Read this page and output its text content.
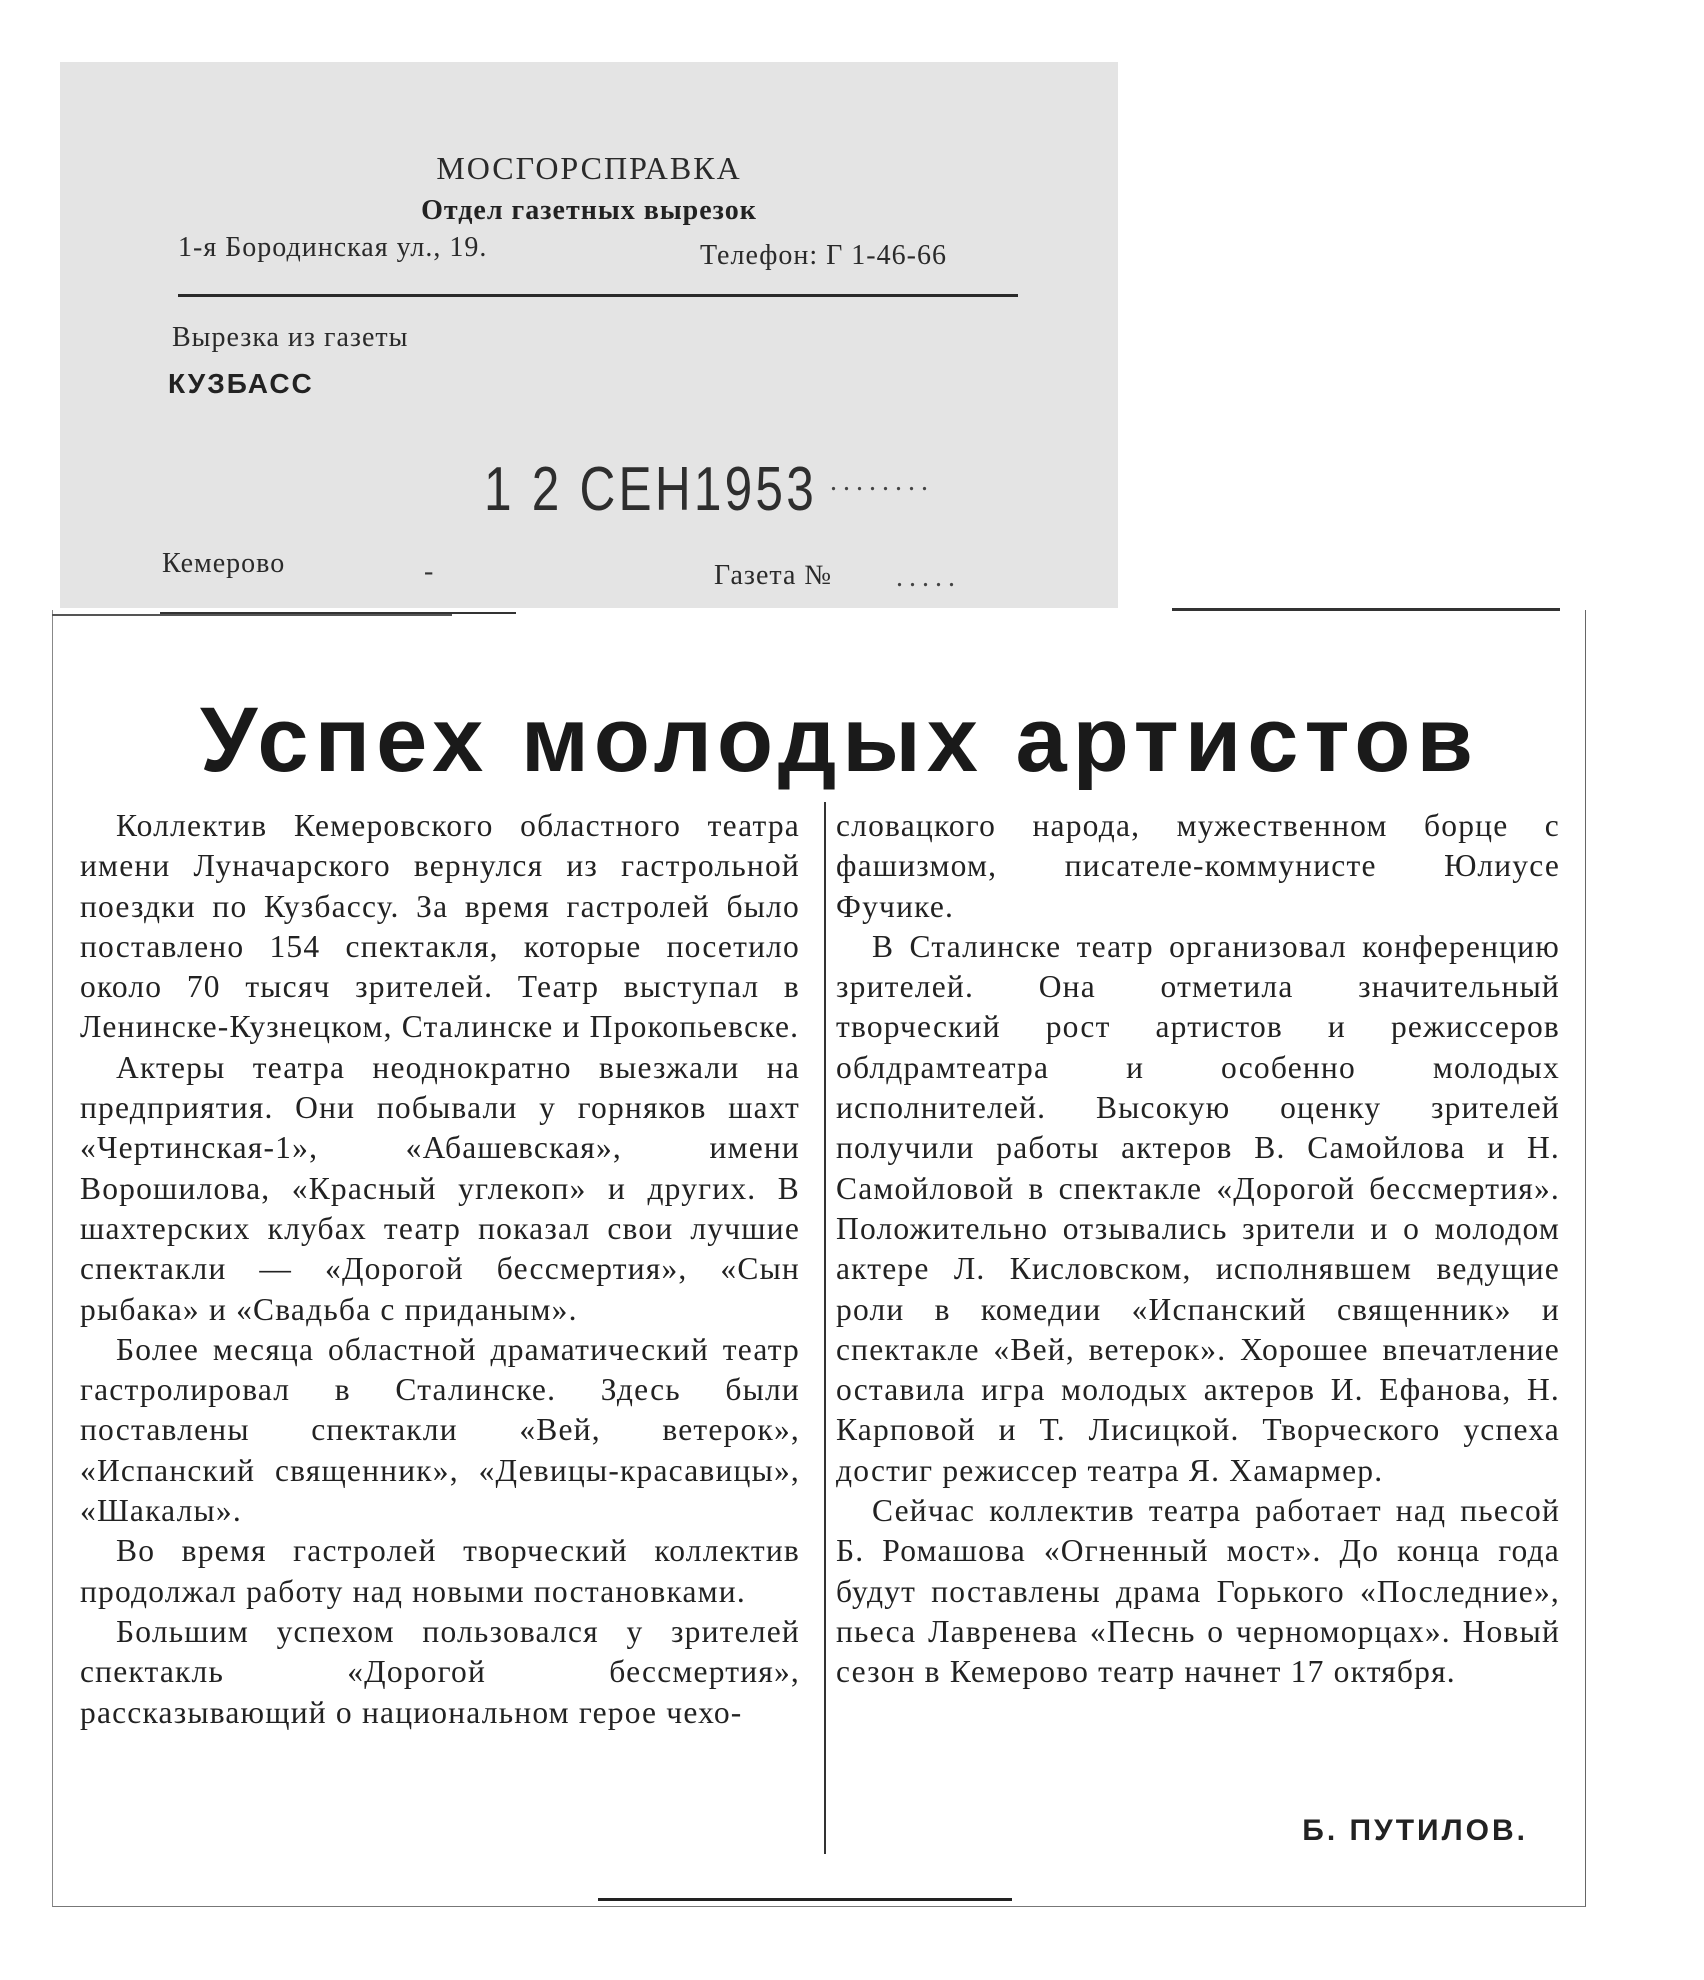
МОСГОРСПРАВКА
Отдел газетных вырезок
1-я Бородинская ул., 19.	Телефон: Г 1-46-66
Вырезка из газеты
КУЗБАСС
1 2 СЕН1953 ........
Кемерово	-	Газета № .....
Успех молодых артистов

Коллектив Кемеровского областного театра имени Луначарского вернулся из гастрольной поездки по Кузбассу. За время гастролей было поставлено 154 спектакля, которые посетило около 70 тысяч зрителей. Театр выступал в Ленинске-Кузнецком, Сталинске и Прокопьевске.

Актеры театра неоднократно выезжали на предприятия. Они побывали у горняков шахт «Чертинская-1», «Абашевская», имени Ворошилова, «Красный углекоп» и других. В шахтерских клубах театр показал свои лучшие спектакли — «Дорогой бессмертия», «Сын рыбака» и «Свадьба с приданым».

Более месяца областной драматический театр гастролировал в Сталинске. Здесь были поставлены спектакли «Вей, ветерок», «Испанский священник», «Девицы-красавицы», «Шакалы».

Во время гастролей творческий коллектив продолжал работу над новыми постановками.

Большим успехом пользовался у зрителей спектакль «Дорогой бессмертия», рассказывающий о национальном герое чехо-

словацкого народа, мужественном борце с фашизмом, писателе-коммунисте Юлиусе Фучике.

В Сталинске театр организовал конференцию зрителей. Она отметила значительный творческий рост артистов и режиссеров облдрамтеатра и особенно молодых исполнителей. Высокую оценку зрителей получили работы актеров В. Самойлова и Н. Самойловой в спектакле «Дорогой бессмертия». Положительно отзывались зрители и о молодом актере Л. Кисловском, исполнявшем ведущие роли в комедии «Испанский священник» и спектакле «Вей, ветерок». Хорошее впечатление оставила игра молодых актеров И. Ефанова, Н. Карповой и Т. Лисицкой. Творческого успеха достиг режиссер театра Я. Хамармер.

Сейчас коллектив театра работает над пьесой Б. Ромашова «Огненный мост». До конца года будут поставлены драма Горького «Последние», пьеса Лавренева «Песнь о черноморцах». Новый сезон в Кемерово театр начнет 17 октября.

Б. ПУТИЛОВ.
